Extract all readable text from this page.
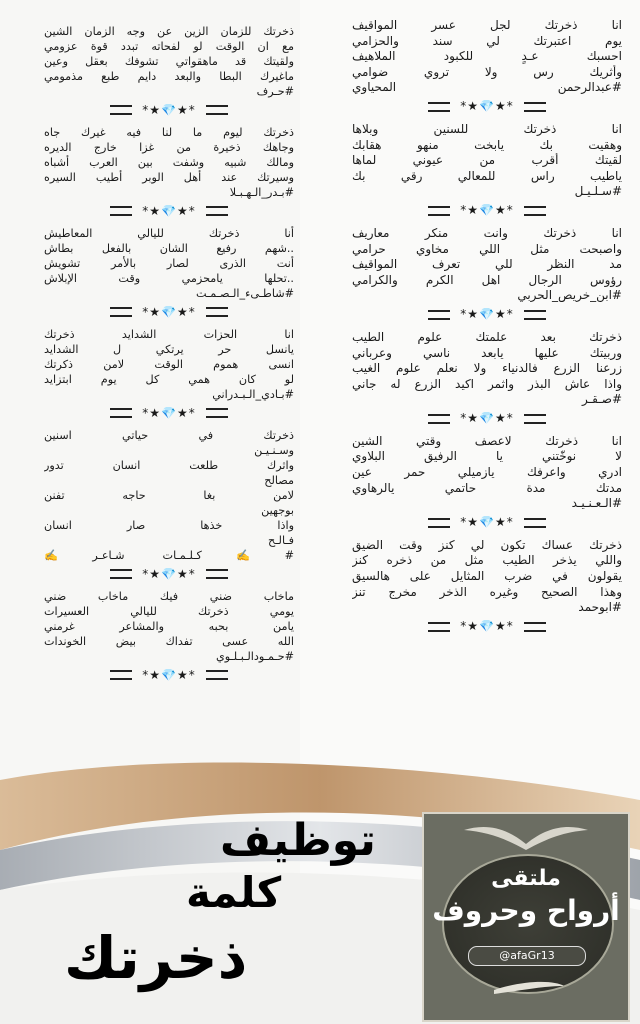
انا ذخرتك لجل عسر المواقيف
يوم اعتبرتك لي سند والحزامي
احسبك عـدٍ للكبود الملاهيف
وأثريك رس ولا تروي ضوامي
#عبدالرحمن المحياوي
*★💎★*
انا ذخرتك للسنين وبلاها
وهقيت بك يابخت منهو هقابك
لقيتك أقرب من عيوني لماها
ياطيب راس للمعالي رقي بك
#سـلـيـل
*★💎★*
انا ذخرتك وانت منكر معاريف
واصبحت مثل اللي مخاوي حرامي
مد النظر للي تعرف المواقيف
رؤوس الرجال اهل الكرم والكرامي
#ابن_خريص_الحربي
*★💎★*
ذخرتك بعد علمتك علوم الطيب
وربيتك عليها يابعد ناسي وعرباني
زرعنا الزرع فالدنياء ولا نعلم علوم الغيب
واذا عاش البذر واثمر اكيد الزرع له جاني
#صـقـر
*★💎★*
انا ذخرتك لاعصف وقتي الشين
لا نوخّتني يا الرفيق البلاوي
ادري واعرفك يازميلي حمر عين
مدتك مدة حاتمي يالرهاوي
#الـعـنـيـد
*★💎★*
ذخرتك عساك تكون لي كنز وقت الضيق
واللي يذخر الطيب مثل من ذخره كنز
يقولون في ضرب المثايل على هالسيق
وهذا الصحيح وغيره الذخر مخرج تنز
#ابوحمد
*★💎★*
ذخرتك للزمان الزين عن وجه الزمان الشين
مع ان الوقت لو لفحاته تبدد قوة عزومي
ولقيتك قد ماهقواتي تشوفك بعقل وعين
ماغيرك البطا والبعد دايم طبع مذمومي
#حـرف
*★💎★*
ذخرتك ليوم ما لنا فيه غيرك جاه
وجاهك ذخيرة من غزا خارج الديره
ومالك شبيه وشفت بين العرب أشباه
وسيرتك عند أهل الوبر أطيب السيره
#بـدر_الـهـبـلا
*★💎★*
أنا ذخرتك لليالي المعاطيش
..شهم رفيع الشان بالفعل بطاش
أنت الذرى لصار بالأمر تشويش
..تحلها يامحزمي وقت الإبلاش
#شاطـىء_الـصـمـت
*★💎★*
انا الحزات الشدايد ذخرتك
يانسل حر يرتكي ل الشدايد
انسى هموم الوقت لامن ذكرتك
لو كان همي كل يوم ابتزايد
#بـادي_الـبـدراني
*★💎★*
ذخرتك في حياتي اسنين
وسـنـيـن
واثرك طلعت انسان تدور
مصالح
لامن بغا حاجه تفنن
بوجهين
واذا خذها صار انسان
فـالـح
#✍️كـلـمـات شـاعـر✍️
*★💎★*
ماخاب ضني فيك ماخاب ضني
يومي ذخرتك لليالي العسيرات
يامن بحبه والمشاعر غرمني
الله عسى تفداك بيض الخوندات
#حـمـودالـبـلـوي
*★💎★*
توظيف
كلمة
ذخرتك
ملتقى
أرواح وحروف
@afaGr13
